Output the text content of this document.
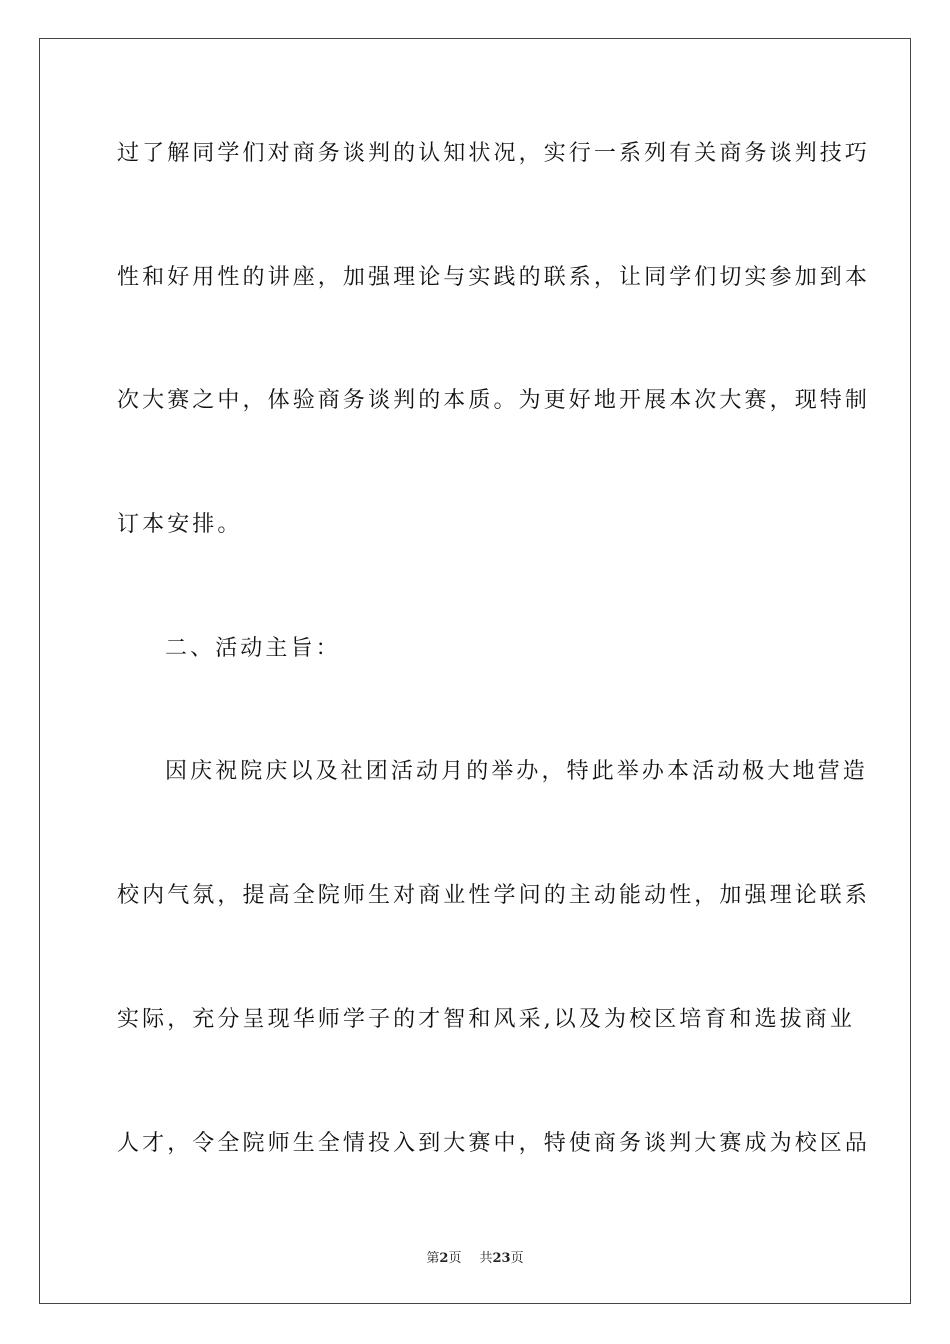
过了解同学们对商务谈判的认知状况，实行一系列有关商务谈判技巧
性和好用性的讲座，加强理论与实践的联系，让同学们切实参加到本
次大赛之中，体验商务谈判的本质。为更好地开展本次大赛，现特制
订本安排。
二、活动主旨：
因庆祝院庆以及社团活动月的举办，特此举办本活动极大地营造
校内气氛，提高全院师生对商业性学问的主动能动性，加强理论联系
实际，充分呈现华师学子的才智和风采,以及为校区培育和选拔商业
人才，令全院师生全情投入到大赛中，特使商务谈判大赛成为校区品
第2页 共23页
